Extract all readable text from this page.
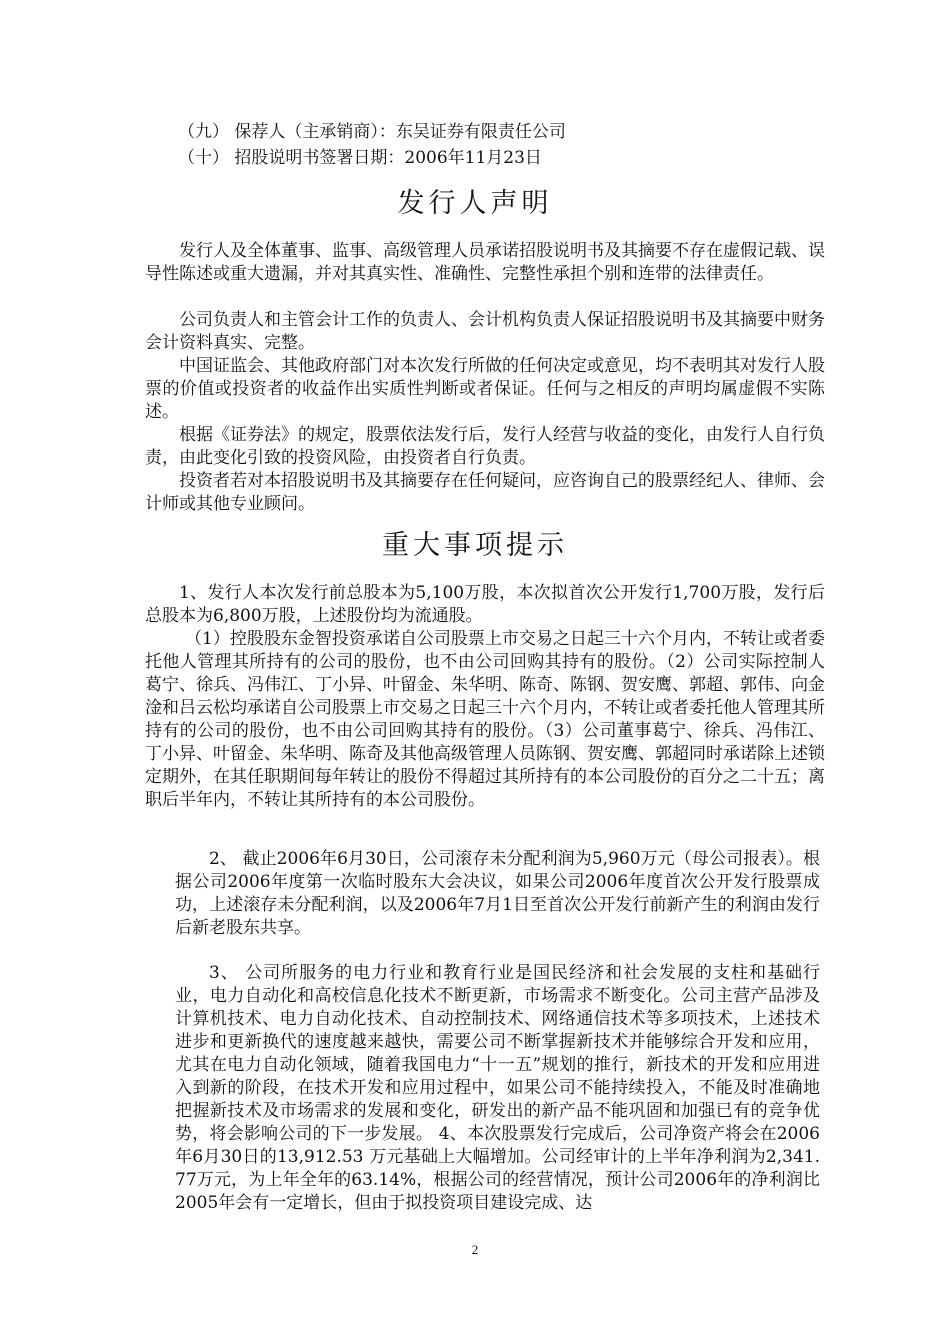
（九） 保荐人（主承销商）：东吴证券有限责任公司
（十） 招股说明书签署日期：2006年11月23日
发行人声明

发行人及全体董事、监事、高级管理人员承诺招股说明书及其摘要不存在虚假记载、误导性陈述或重大遗漏，并对其真实性、准确性、完整性承担个别和连带的法律责任。

公司负责人和主管会计工作的负责人、会计机构负责人保证招股说明书及其摘要中财务会计资料真实、完整。

中国证监会、其他政府部门对本次发行所做的任何决定或意见，均不表明其对发行人股票的价值或投资者的收益作出实质性判断或者保证。任何与之相反的声明均属虚假不实陈述。

根据《证券法》的规定，股票依法发行后，发行人经营与收益的变化，由发行人自行负责，由此变化引致的投资风险，由投资者自行负责。

投资者若对本招股说明书及其摘要存在任何疑问，应咨询自己的股票经纪人、律师、会计师或其他专业顾问。

重大事项提示

1、发行人本次发行前总股本为5,100万股，本次拟首次公开发行1,700万股，发行后总股本为6,800万股，上述股份均为流通股。

（1）控股股东金智投资承诺自公司股票上市交易之日起三十六个月内，不转让或者委托他人管理其所持有的公司的股份，也不由公司回购其持有的股份。（2）公司实际控制人葛宁、徐兵、冯伟江、丁小异、叶留金、朱华明、陈奇、陈钢、贺安鹰、郭超、郭伟、向金淦和吕云松均承诺自公司股票上市交易之日起三十六个月内，不转让或者委托他人管理其所持有的公司的股份，也不由公司回购其持有的股份。（3）公司董事葛宁、徐兵、冯伟江、丁小异、叶留金、朱华明、陈奇及其他高级管理人员陈钢、贺安鹰、郭超同时承诺除上述锁定期外，在其任职期间每年转让的股份不得超过其所持有的本公司股份的百分之二十五；离职后半年内，不转让其所持有的本公司股份。

2、 截止2006年6月30日，公司滚存未分配利润为5,960万元（母公司报表）。根据公司2006年度第一次临时股东大会决议，如果公司2006年度首次公开发行股票成功，上述滚存未分配利润，以及2006年7月1日至首次公开发行前新产生的利润由发行后新老股东共享。

3、 公司所服务的电力行业和教育行业是国民经济和社会发展的支柱和基础行业，电力自动化和高校信息化技术不断更新，市场需求不断变化。公司主营产品涉及计算机技术、电力自动化技术、自动控制技术、网络通信技术等多项技术，上述技术进步和更新换代的速度越来越快，需要公司不断掌握新技术并能够综合开发和应用，尤其在电力自动化领域，随着我国电力“十一五”规划的推行，新技术的开发和应用进入到新的阶段，在技术开发和应用过程中，如果公司不能持续投入，不能及时准确地把握新技术及市场需求的发展和变化，研发出的新产品不能巩固和加强已有的竞争优势，将会影响公司的下一步发展。 4、本次股票发行完成后，公司净资产将会在2006年6月30日的13,912.53 万元基础上大幅增加。公司经审计的上半年净利润为2,341.77万元，为上年全年的63.14%，根据公司的经营情况，预计公司2006年的净利润比2005年会有一定增长，但由于拟投资项目建设完成、达

2
